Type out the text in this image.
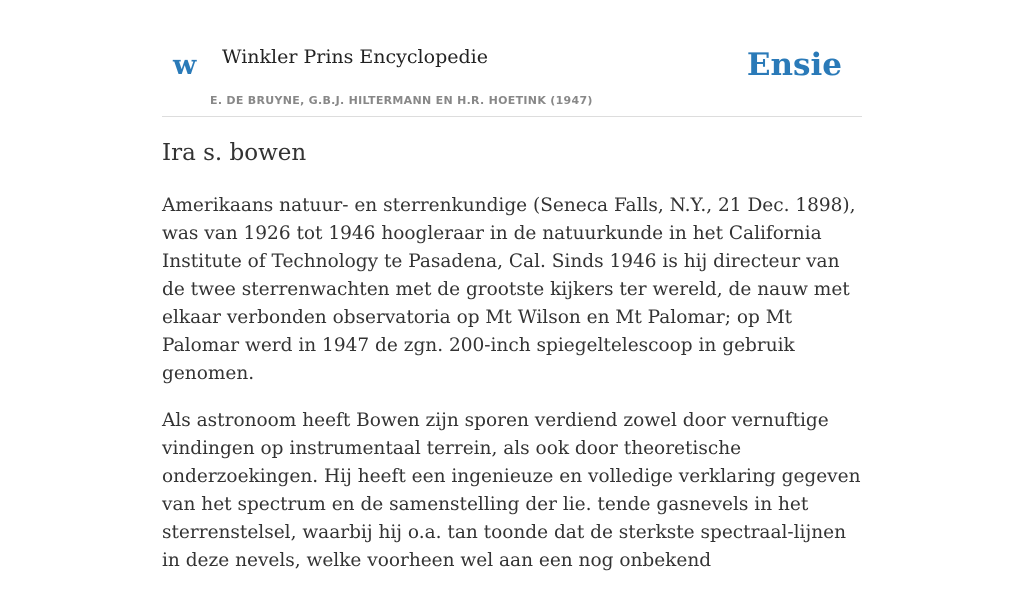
w Winkler Prins Encyclopedie
E. DE BRUYNE, G.B.J. HILTERMANN EN H.R. HOETINK (1947)
Ensie
Ira s. bowen

Amerikaans natuur- en sterrenkundige (Seneca Falls, N.Y., 21 Dec. 1898), was van 1926 tot 1946 hoogleraar in de natuurkunde in het California Institute of Technology te Pasadena, Cal. Sinds 1946 is hij directeur van de twee sterrenwachten met de grootste kijkers ter wereld, de nauw met elkaar verbonden observatoria op Mt Wilson en Mt Palomar; op Mt Palomar werd in 1947 de zgn. 200-inch spiegeltelescoop in gebruik genomen.

Als astronoom heeft Bowen zijn sporen verdiend zowel door vernuftige vindingen op instrumentaal terrein, als ook door theoretische onderzoekingen. Hij heeft een ingenieuze en volledige verklaring gegeven van het spectrum en de samenstelling der lie. tende gasnevels in het sterrenstelsel, waarbij hij o.a. tan toonde dat de sterkste spectraal-lijnen in deze nevels, welke voorheen wel aan een nog onbekend
